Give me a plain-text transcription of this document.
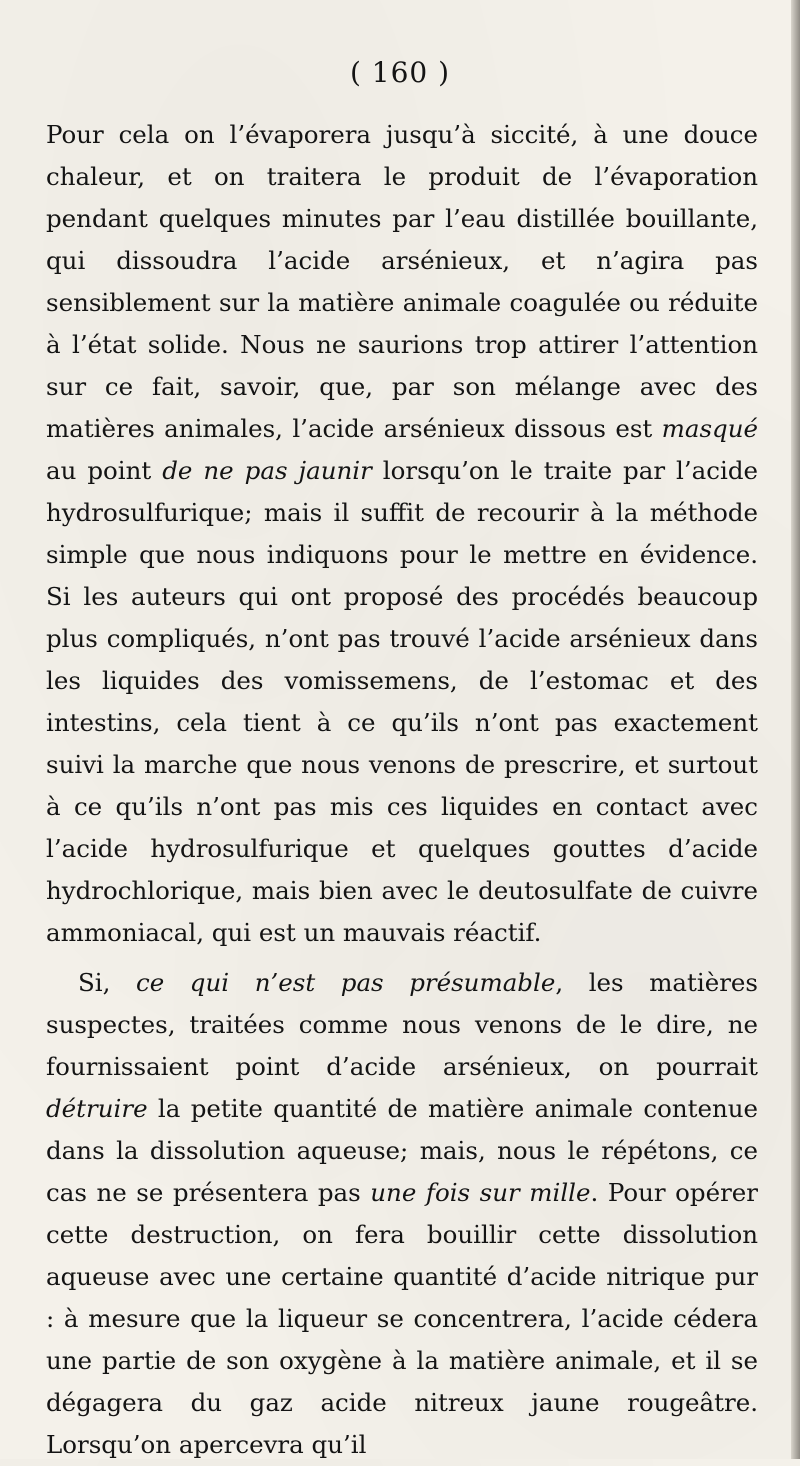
( 160 )

Pour cela on l’évaporera jusqu’à siccité, à une douce chaleur, et on traitera le produit de l’évaporation pendant quelques minutes par l’eau distillée bouillante, qui dissoudra l’acide arsénieux, et n’agira pas sensiblement sur la matière animale coagulée ou réduite à l’état solide. Nous ne saurions trop attirer l’attention sur ce fait, savoir, que, par son mélange avec des matières animales, l’acide arsénieux dissous est masqué au point de ne pas jaunir lorsqu’on le traite par l’acide hydrosulfurique; mais il suffit de recourir à la méthode simple que nous indiquons pour le mettre en évidence. Si les auteurs qui ont proposé des procédés beaucoup plus compliqués, n’ont pas trouvé l’acide arsénieux dans les liquides des vomissemens, de l’estomac et des intestins, cela tient à ce qu’ils n’ont pas exactement suivi la marche que nous venons de prescrire, et surtout à ce qu’ils n’ont pas mis ces liquides en contact avec l’acide hydrosulfurique et quelques gouttes d’acide hydrochlorique, mais bien avec le deutosulfate de cuivre ammoniacal, qui est un mauvais réactif.

Si, ce qui n’est pas présumable, les matières suspectes, traitées comme nous venons de le dire, ne fournissaient point d’acide arsénieux, on pourrait détruire la petite quantité de matière animale contenue dans la dissolution aqueuse; mais, nous le répétons, ce cas ne se présentera pas une fois sur mille. Pour opérer cette destruction, on fera bouillir cette dissolution aqueuse avec une certaine quantité d’acide nitrique pur : à mesure que la liqueur se concentrera, l’acide cédera une partie de son oxygène à la matière animale, et il se dégagera du gaz acide nitreux jaune rougeâtre. Lorsqu’on apercevra qu’il
